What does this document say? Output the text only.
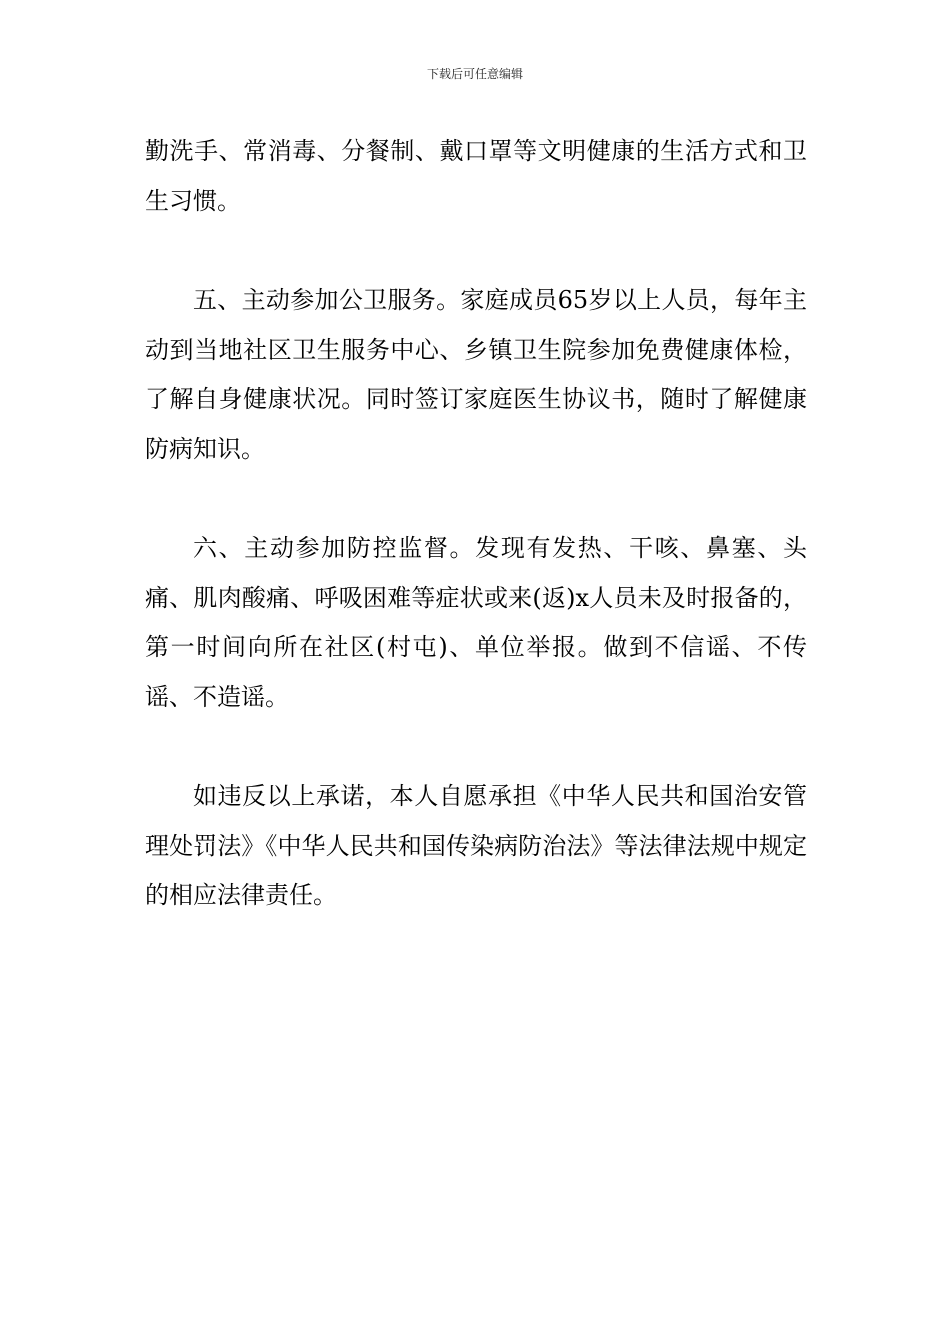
下载后可任意编辑

勤洗手、常消毒、分餐制、戴口罩等文明健康的生活方式和卫生习惯。

五、主动参加公卫服务。家庭成员65岁以上人员，每年主动到当地社区卫生服务中心、乡镇卫生院参加免费健康体检，了解自身健康状况。同时签订家庭医生协议书，随时了解健康防病知识。

六、主动参加防控监督。发现有发热、干咳、鼻塞、头痛、肌肉酸痛、呼吸困难等症状或来(返)x人员未及时报备的，第一时间向所在社区(村屯)、单位举报。做到不信谣、不传谣、不造谣。

如违反以上承诺，本人自愿承担《中华人民共和国治安管理处罚法》《中华人民共和国传染病防治法》等法律法规中规定的相应法律责任。
